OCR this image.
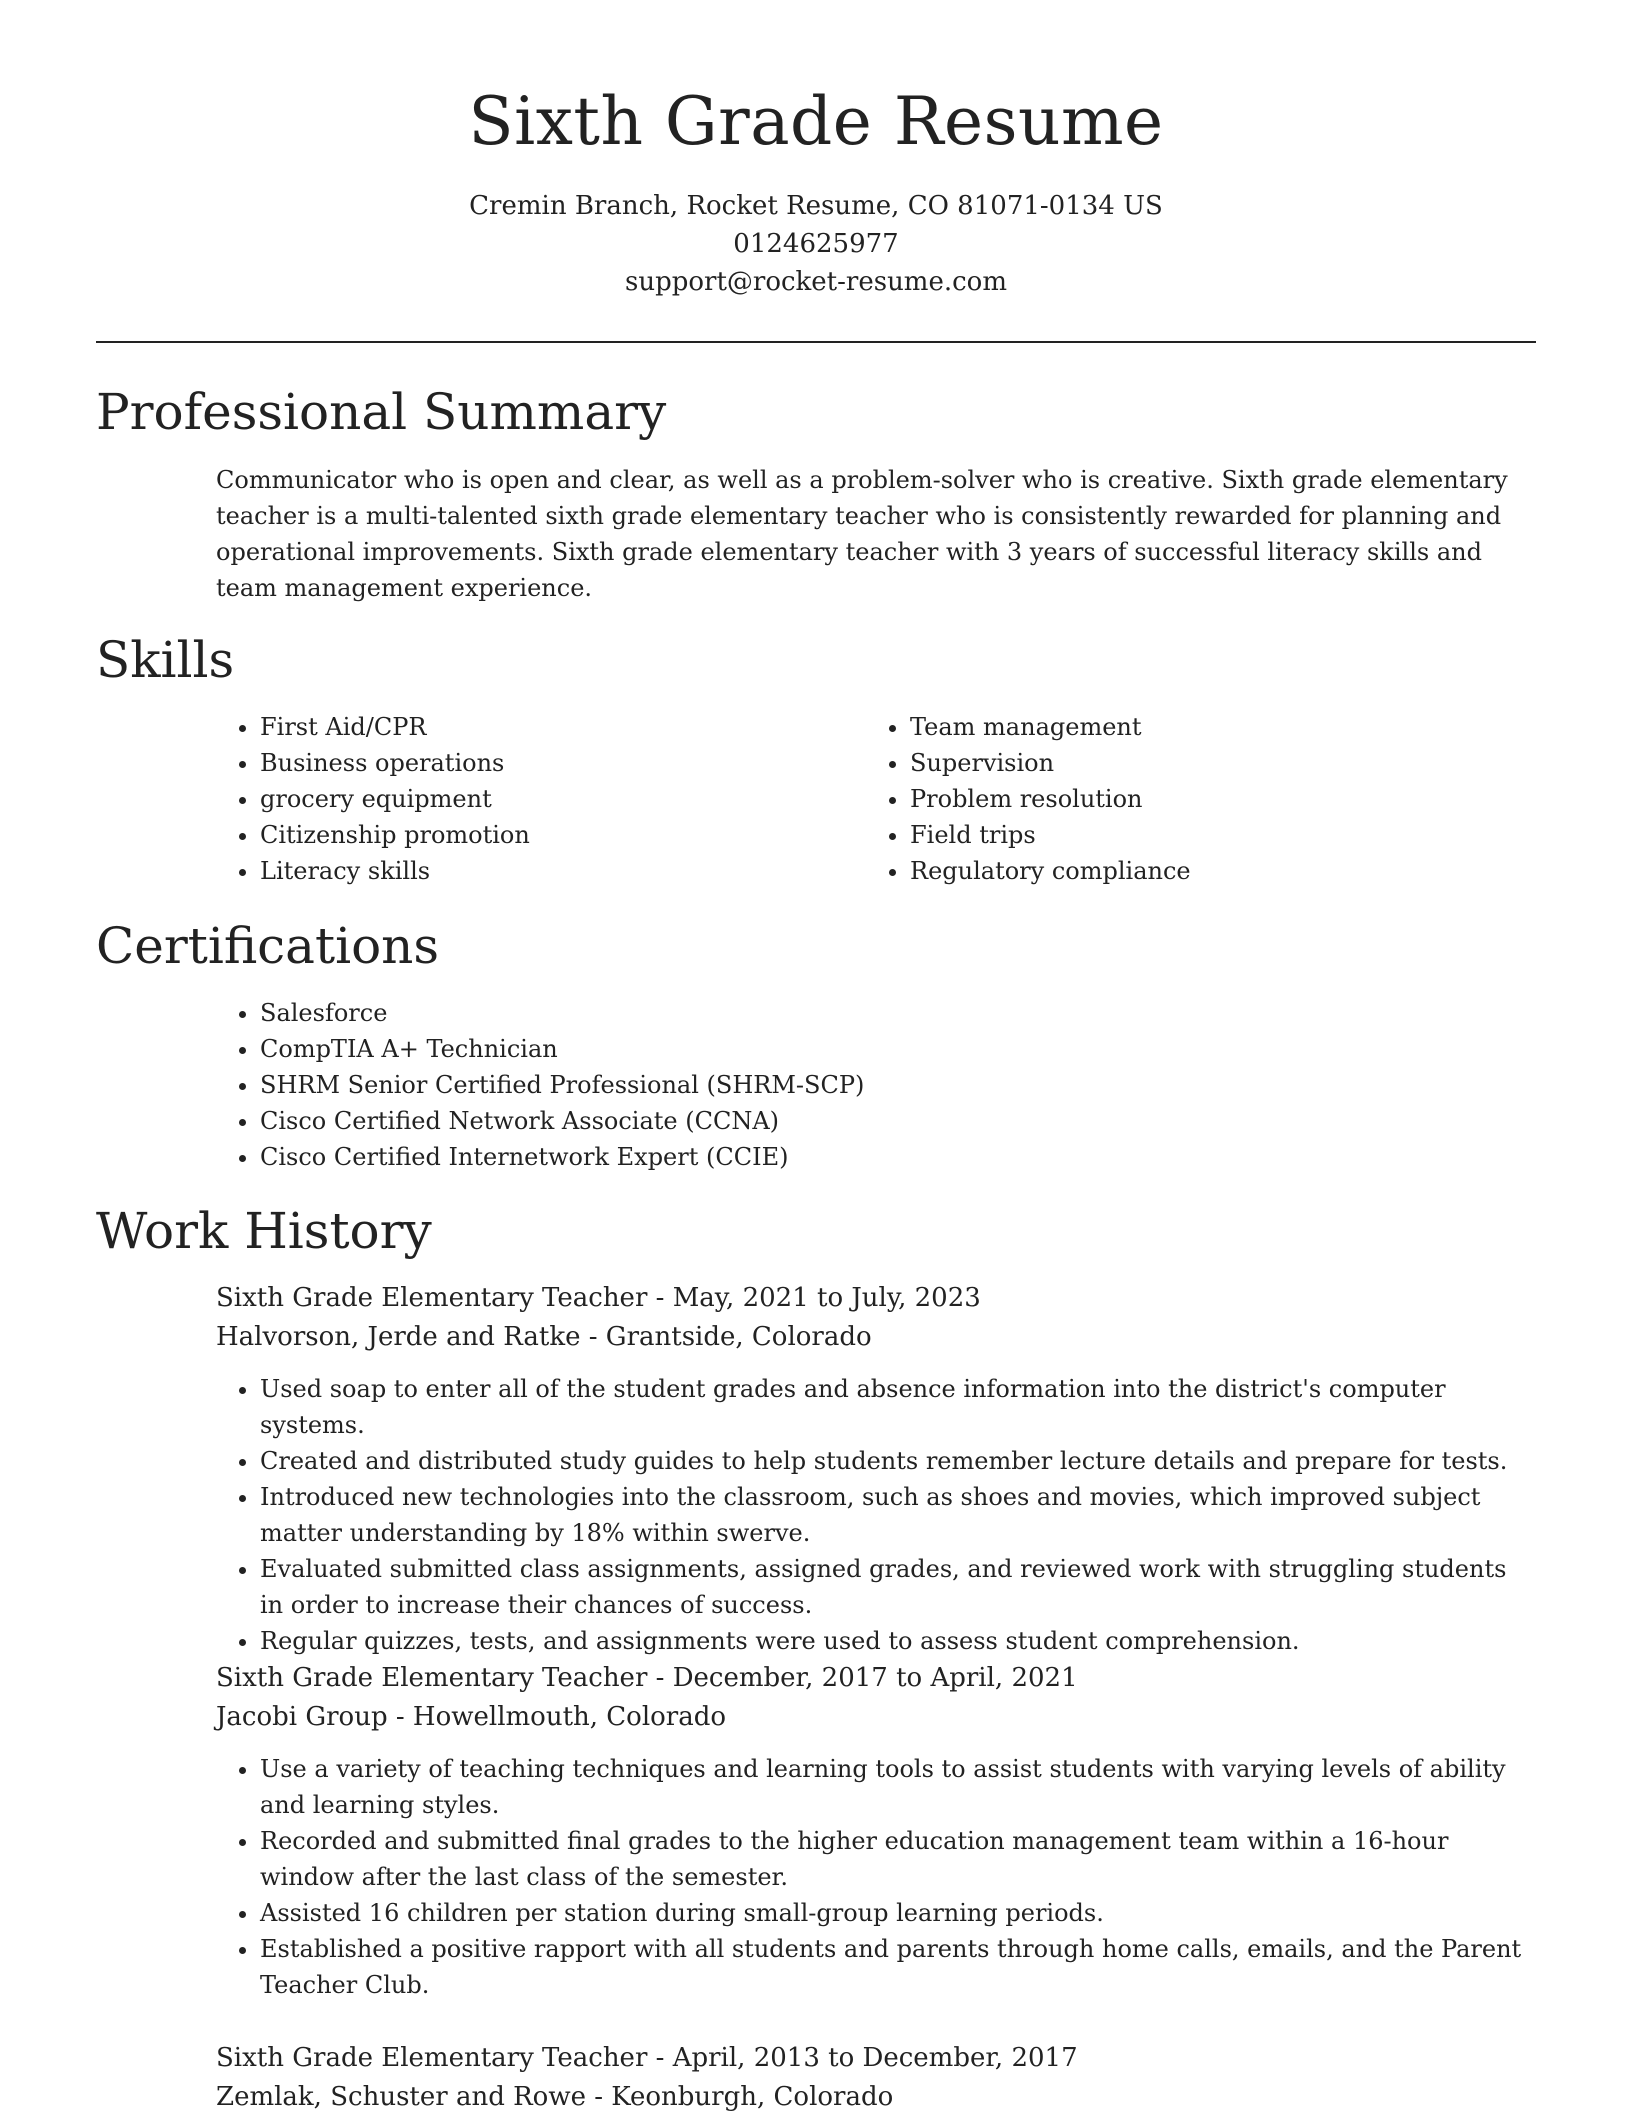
Sixth Grade Resume
Cremin Branch, Rocket Resume, CO 81071-0134 US
0124625977
support@rocket-resume.com
Professional Summary

Communicator who is open and clear, as well as a problem-solver who is creative. Sixth grade elementary teacher is a multi-talented sixth grade elementary teacher who is consistently rewarded for planning and operational improvements. Sixth grade elementary teacher with 3 years of successful literacy skills and team management experience.

Skills
• First Aid/CPR
• Business operations
• grocery equipment
• Citizenship promotion
• Literacy skills
• Team management
• Supervision
• Problem resolution
• Field trips
• Regulatory compliance
Certifications
• Salesforce
• CompTIA A+ Technician
• SHRM Senior Certified Professional (SHRM-SCP)
• Cisco Certified Network Associate (CCNA)
• Cisco Certified Internetwork Expert (CCIE)
Work History
Sixth Grade Elementary Teacher - May, 2021 to July, 2023
Halvorson, Jerde and Ratke - Grantside, Colorado
• Used soap to enter all of the student grades and absence information into the district's computer systems.
• Created and distributed study guides to help students remember lecture details and prepare for tests.
• Introduced new technologies into the classroom, such as shoes and movies, which improved subject matter understanding by 18% within swerve.
• Evaluated submitted class assignments, assigned grades, and reviewed work with struggling students in order to increase their chances of success.
• Regular quizzes, tests, and assignments were used to assess student comprehension.
Sixth Grade Elementary Teacher - December, 2017 to April, 2021
Jacobi Group - Howellmouth, Colorado
• Use a variety of teaching techniques and learning tools to assist students with varying levels of ability and learning styles.
• Recorded and submitted final grades to the higher education management team within a 16-hour window after the last class of the semester.
• Assisted 16 children per station during small-group learning periods.
• Established a positive rapport with all students and parents through home calls, emails, and the Parent Teacher Club.
Sixth Grade Elementary Teacher - April, 2013 to December, 2017
Zemlak, Schuster and Rowe - Keonburgh, Colorado
